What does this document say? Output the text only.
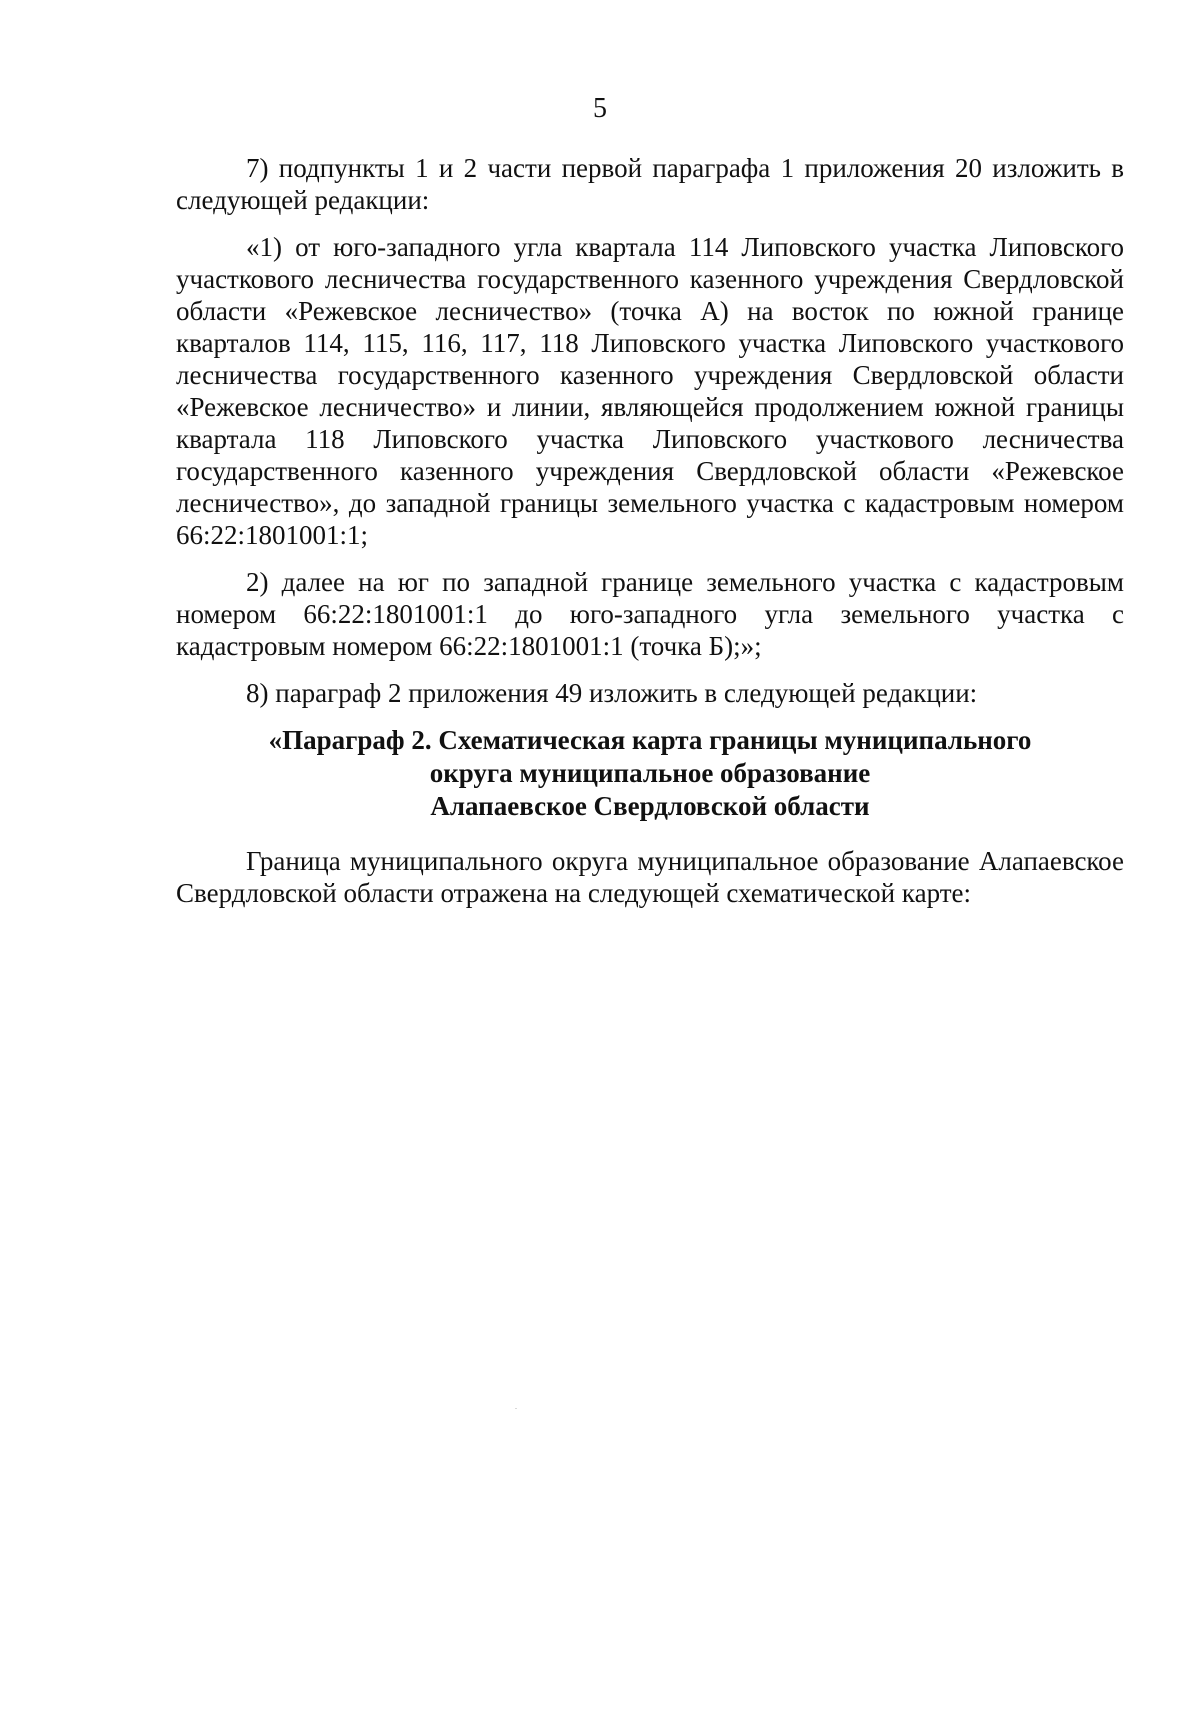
5

7) подпункты 1 и 2 части первой параграфа 1 приложения 20 изложить в следующей редакции:

«1) от юго-западного угла квартала 114 Липовского участка Липовского участкового лесничества государственного казенного учреждения Свердловской области «Режевское лесничество» (точка А) на восток по южной границе кварталов 114, 115, 116, 117, 118 Липовского участка Липовского участкового лесничества государственного казенного учреждения Свердловской области «Режевское лесничество» и линии, являющейся продолжением южной границы квартала 118 Липовского участка Липовского участкового лесничества государственного казенного учреждения Свердловской области «Режевское лесничество», до западной границы земельного участка с кадастровым номером 66:22:1801001:1;

2) далее на юг по западной границе земельного участка с кадастровым номером 66:22:1801001:1 до юго-западного угла земельного участка с кадастровым номером 66:22:1801001:1 (точка Б);»;

8) параграф 2 приложения 49 изложить в следующей редакции:

«Параграф 2. Схематическая карта границы муниципального
округа муниципальное образование
Алапаевское Свердловской области

Граница муниципального округа муниципальное образование Алапаевское Свердловской области отражена на следующей схематической карте:
